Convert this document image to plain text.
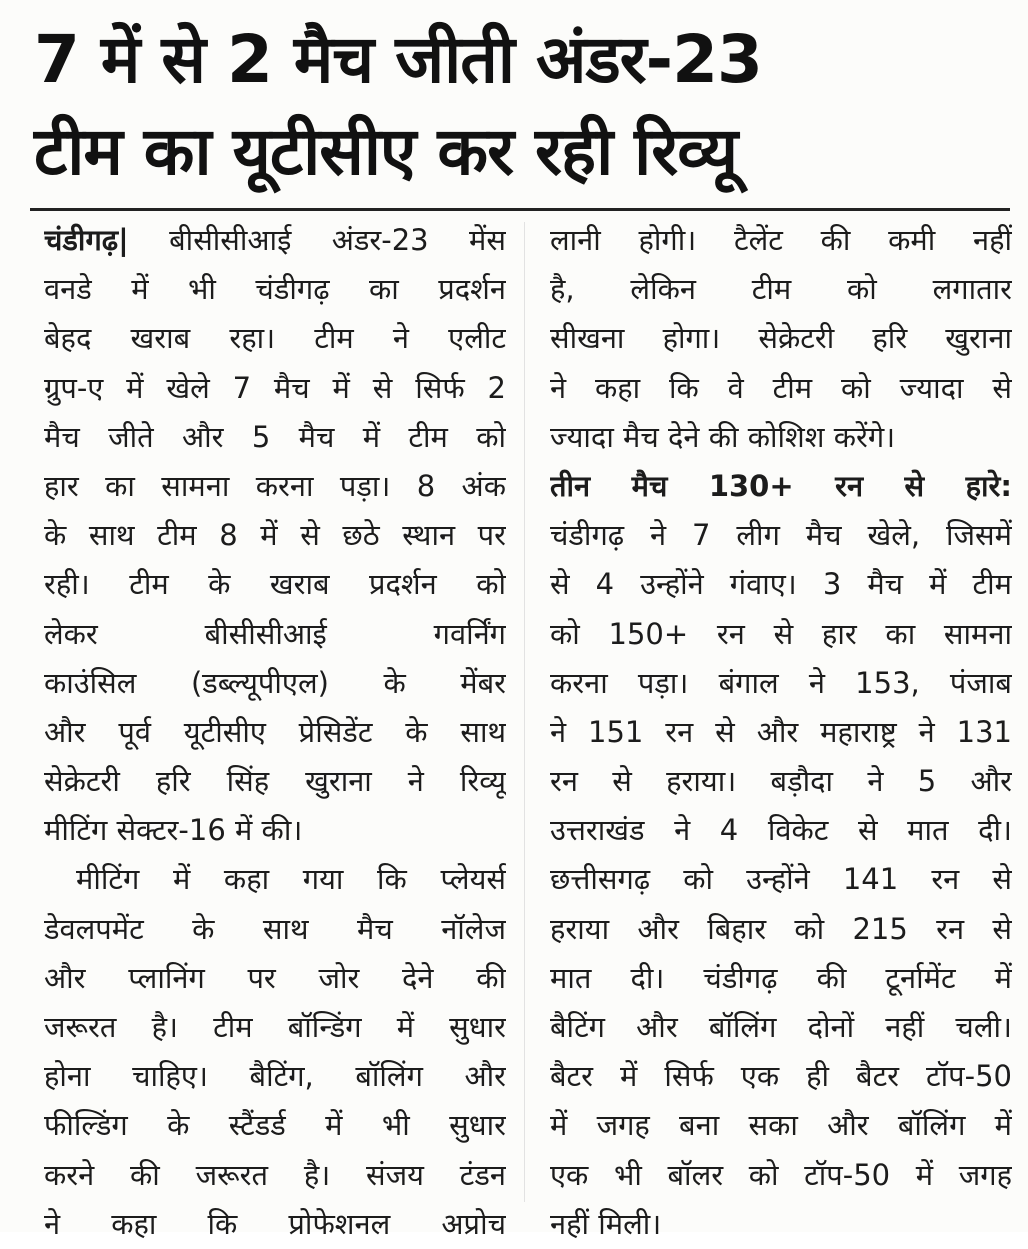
7 में से 2 मैच जीती अंडर-23
टीम का यूटीसीए कर रही रिव्यू
चंडीगढ़| बीसीसीआई अंडर-23 मेंस
वनडे में भी चंडीगढ़ का प्रदर्शन
बेहद खराब रहा। टीम ने एलीट
ग्रुप-ए में खेले 7 मैच में से सिर्फ 2
मैच जीते और 5 मैच में टीम को
हार का सामना करना पड़ा। 8 अंक
के साथ टीम 8 में से छठे स्थान पर
रही। टीम के खराब प्रदर्शन को
लेकर बीसीसीआई गवर्निंग
काउंसिल (डब्ल्यूपीएल) के मेंबर
और पूर्व यूटीसीए प्रेसिडेंट के साथ
सेक्रेटरी हरि सिंह खुराना ने रिव्यू
मीटिंग सेक्टर-16 में की।
मीटिंग में कहा गया कि प्लेयर्स
डेवलपमेंट के साथ मैच नॉलेज
और प्लानिंग पर जोर देने की
जरूरत है। टीम बॉन्डिंग में सुधार
होना चाहिए। बैटिंग, बॉलिंग और
फील्डिंग के स्टैंडर्ड में भी सुधार
करने की जरूरत है। संजय टंडन
ने कहा कि प्रोफेशनल अप्रोच
लानी होगी। टैलेंट की कमी नहीं
है, लेकिन टीम को लगातार
सीखना होगा। सेक्रेटरी हरि खुराना
ने कहा कि वे टीम को ज्यादा से
ज्यादा मैच देने की कोशिश करेंगे।
तीन मैच 130+ रन से हारे:
चंडीगढ़ ने 7 लीग मैच खेले, जिसमें
से 4 उन्होंने गंवाए। 3 मैच में टीम
को 150+ रन से हार का सामना
करना पड़ा। बंगाल ने 153, पंजाब
ने 151 रन से और महाराष्ट्र ने 131
रन से हराया। बड़ौदा ने 5 और
उत्तराखंड ने 4 विकेट से मात दी।
छत्तीसगढ़ को उन्होंने 141 रन से
हराया और बिहार को 215 रन से
मात दी। चंडीगढ़ की टूर्नामेंट में
बैटिंग और बॉलिंग दोनों नहीं चली।
बैटर में सिर्फ एक ही बैटर टॉप-50
में जगह बना सका और बॉलिंग में
एक भी बॉलर को टॉप-50 में जगह
नहीं मिली।
